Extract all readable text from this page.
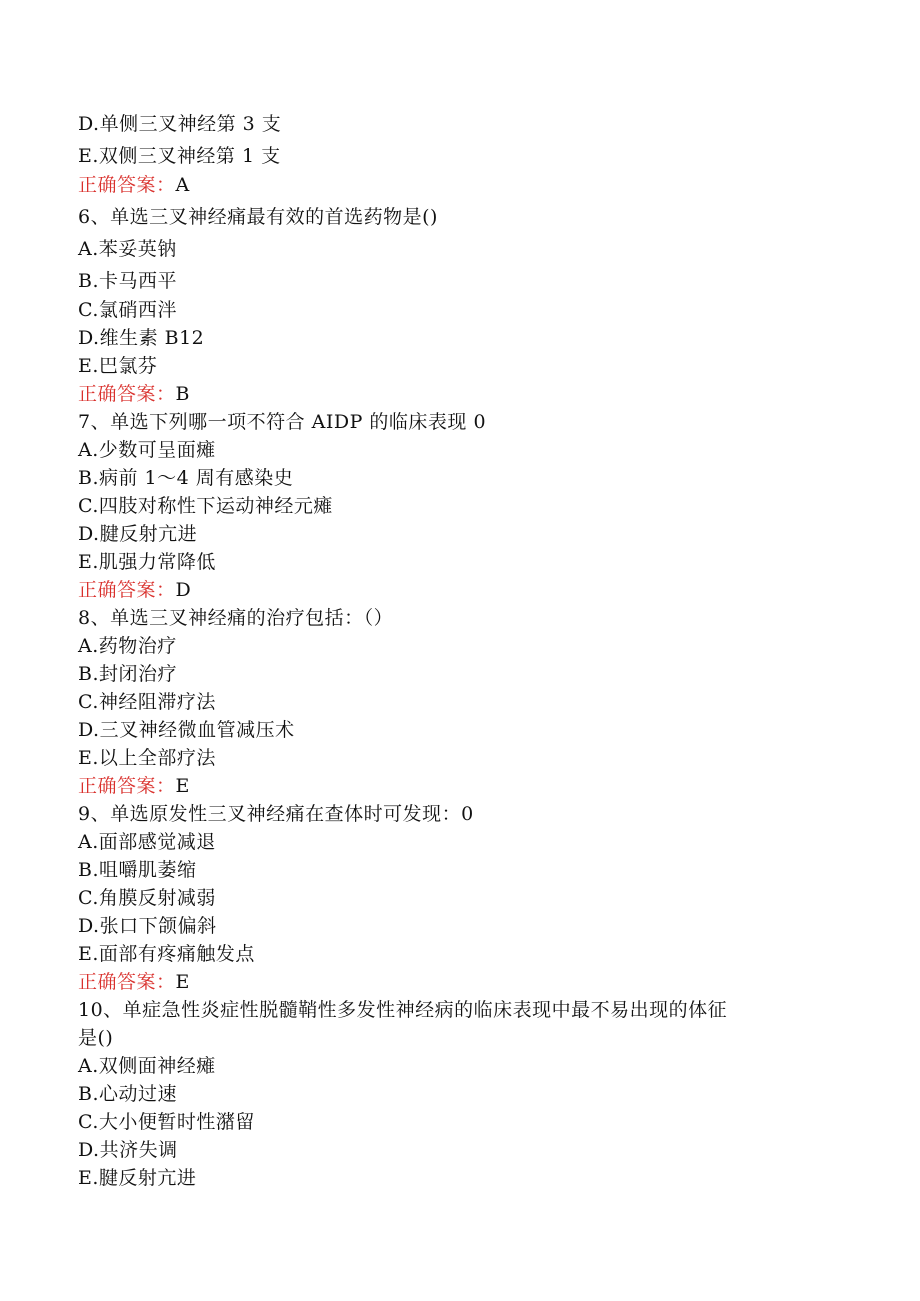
D.单侧三叉神经第 3 支
E.双侧三叉神经第 1 支
正确答案：A
6、单选三叉神经痛最有效的首选药物是()
A.苯妥英钠
B.卡马西平
C.氯硝西泮
D.维生素 B12
E.巴氯芬
正确答案：B
7、单选下列哪一项不符合 AIDP 的临床表现 0
A.少数可呈面瘫
B.病前 1～4 周有感染史
C.四肢对称性下运动神经元瘫
D.腱反射亢进
E.肌强力常降低
正确答案：D
8、单选三叉神经痛的治疗包括：（）
A.药物治疗
B.封闭治疗
C.神经阻滞疗法
D.三叉神经微血管减压术
E.以上全部疗法
正确答案：E
9、单选原发性三叉神经痛在查体时可发现：0
A.面部感觉减退
B.咀嚼肌萎缩
C.角膜反射减弱
D.张口下颌偏斜
E.面部有疼痛触发点
正确答案：E
10、单症急性炎症性脱髓鞘性多发性神经病的临床表现中最不易出现的体征
是()
A.双侧面神经瘫
B.心动过速
C.大小便暂时性潴留
D.共济失调
E.腱反射亢进
